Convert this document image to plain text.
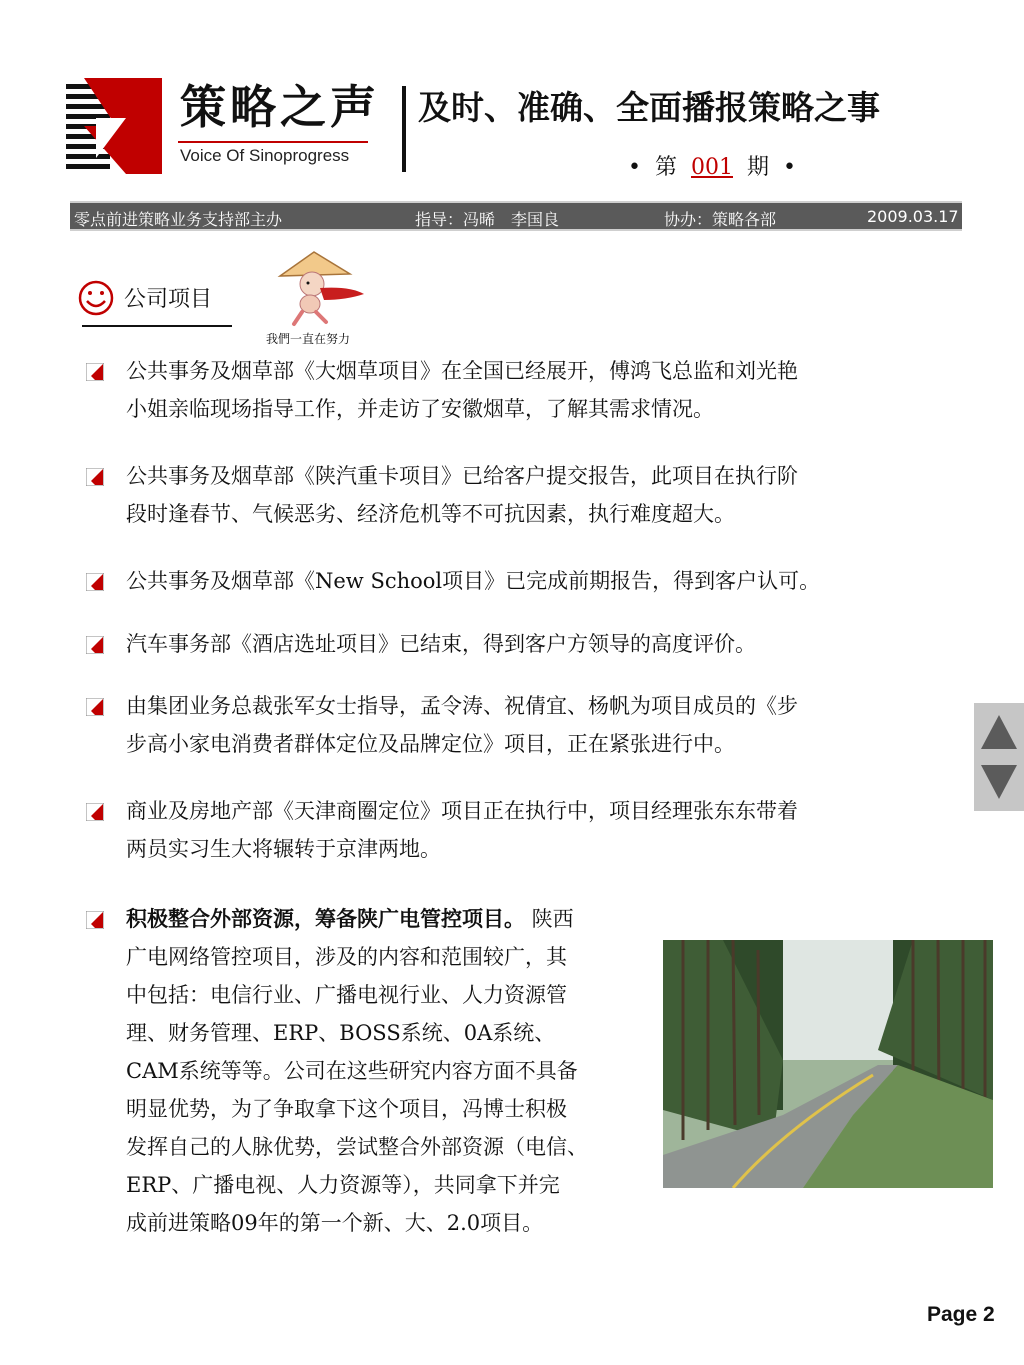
策略之声
Voice Of Sinoprogress
及时、准确、全面播报策略之事
• 第 001 期 •
零点前进策略业务支持部主办	指导：冯晞　李国良	协办：策略各部	2009.03.17
公司项目
我們一直在努力
公共事务及烟草部《大烟草项目》在全国已经展开，傅鸿飞总监和刘光艳
小姐亲临现场指导工作，并走访了安徽烟草，了解其需求情况。
公共事务及烟草部《陕汽重卡项目》已给客户提交报告，此项目在执行阶
段时逢春节、气候恶劣、经济危机等不可抗因素，执行难度超大。
公共事务及烟草部《New School项目》已完成前期报告，得到客户认可。
汽车事务部《酒店选址项目》已结束，得到客户方领导的高度评价。
由集团业务总裁张军女士指导，孟令涛、祝倩宜、杨帆为项目成员的《步
步高小家电消费者群体定位及品牌定位》项目，正在紧张进行中。
商业及房地产部《天津商圈定位》项目正在执行中，项目经理张东东带着
两员实习生大将辗转于京津两地。
积极整合外部资源，筹备陕广电管控项目。 陕西
广电网络管控项目，涉及的内容和范围较广，其
中包括：电信行业、广播电视行业、人力资源管
理、财务管理、ERP、BOSS系统、0A系统、
CAM系统等等。公司在这些研究内容方面不具备
明显优势，为了争取拿下这个项目，冯博士积极
发挥自己的人脉优势，尝试整合外部资源（电信、
ERP、广播电视、人力资源等），共同拿下并完
成前进策略09年的第一个新、大、2.0项目。
Page 2
